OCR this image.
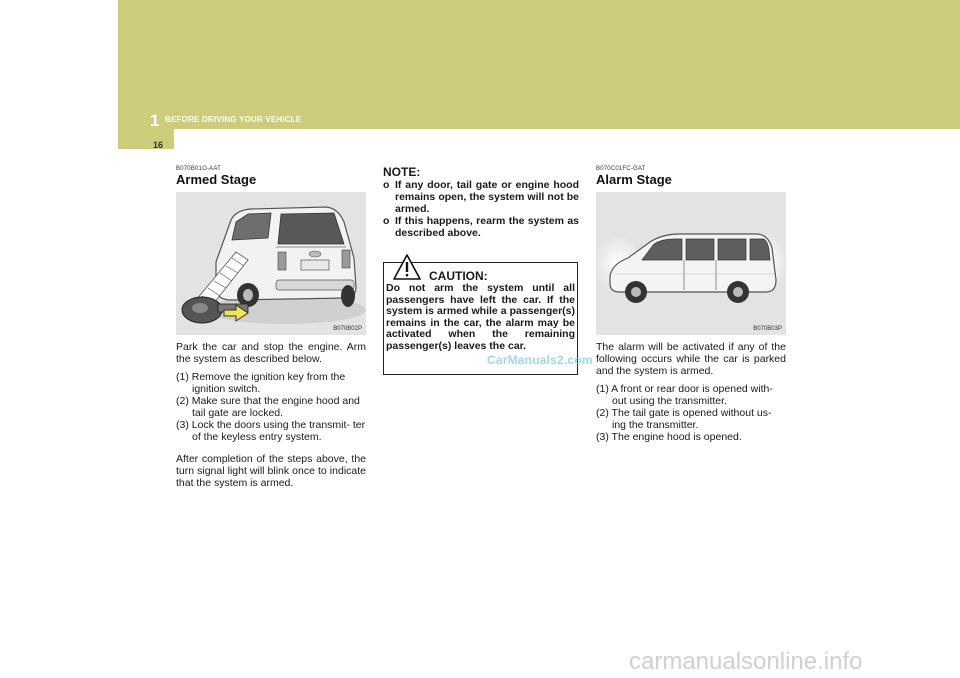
1 BEFORE DRIVING YOUR VEHICLE
16
B070B01O-AAT
Armed Stage
B070B02P

Park the car and stop the engine. Arm the system as described below.

(1) Remove the ignition key from the ignition switch.
(2) Make sure that the engine hood and tail gate are locked.
(3) Lock the doors using the transmit- ter of the keyless entry system.

After completion of the steps above, the turn signal light will blink once to indicate that the system is armed.

NOTE:
o If any door, tail gate or engine hood remains open, the system will not be armed.
o If this happens, rearm the system as described above.
CAUTION:
Do not arm the system until all passengers have left the car. If the system is armed while a passenger(s) remains in the car, the alarm may be activated when the remaining passenger(s) leaves the car.
CarManuals2.com
B070C01FC-GAT
Alarm Stage
B070B03P

The alarm will be activated if any of the following occurs while the car is parked and the system is armed.

(1) A front or rear door is opened with- out using the transmitter.
(2) The tail gate is opened without us- ing the transmitter.
(3) The engine hood is opened.
carmanualsonline.info
